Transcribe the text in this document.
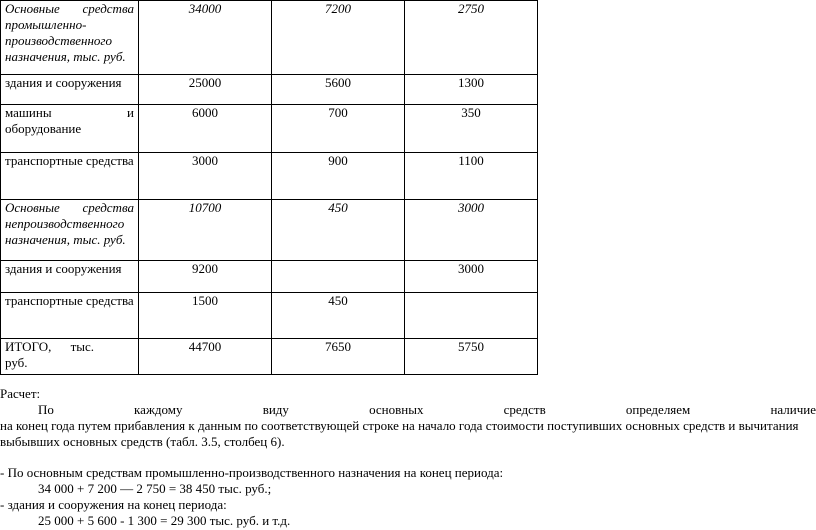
Основные средства промышленно-производственного назначения, тыс. руб.	34000	7200	2750
здания и сооружения	25000	5600	1300
машины и оборудование	6000	700	350
транспортные средства	3000	900	1100
Основные средства непроизводственного назначения, тыс. руб.	10700	450	3000
здания и сооружения	9200		3000
транспортные средства	1500	450	
ИТОГО, тыс. руб.	44700	7650	5750

Расчет:

По каждому виду основных средств определяем наличие

на конец года путем прибавления к данным по соответствующей строке на начало года стоимости поступивших основных средств и вычитания

выбывших основных средств (табл. 3.5, столбец 6).

- По основным средствам промышленно-производственного назначения на конец периода:

34 000 + 7 200 — 2 750 = 38 450 тыс. руб.;

- здания и сооружения на конец периода:

25 000 + 5 600 - 1 300 = 29 300 тыс. руб. и т.д.
